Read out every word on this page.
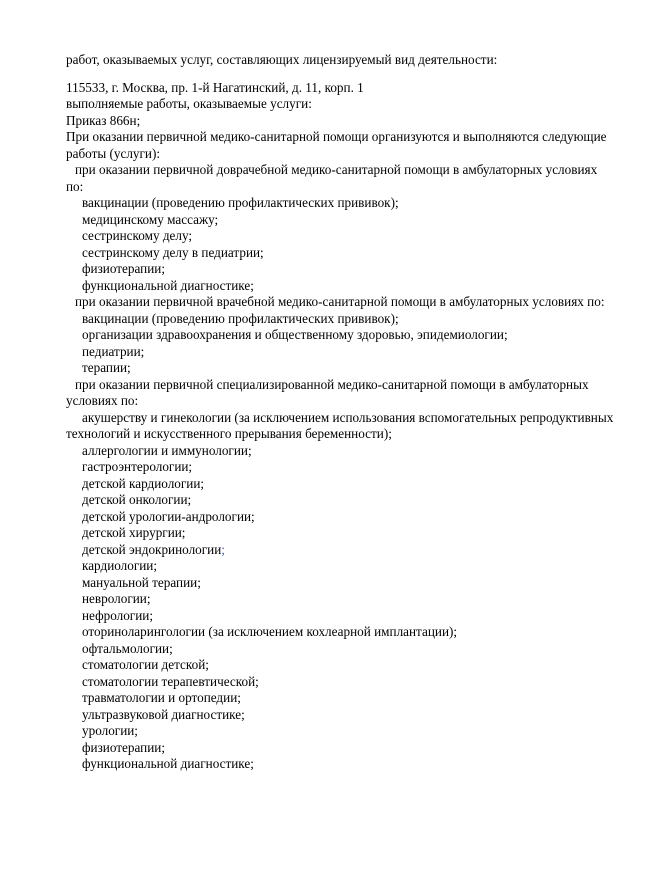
работ, оказываемых услуг, составляющих лицензируемый вид деятельности:

115533, г. Москва, пр. 1-й Нагатинский, д. 11, корп. 1

выполняемые работы, оказываемые услуги:

Приказ 866н;

При оказании первичной медико-санитарной помощи организуются и выполняются следующие

работы (услуги):

при оказании первичной доврачебной медико-санитарной помощи в амбулаторных условиях

по:

вакцинации (проведению профилактических прививок);

медицинскому массажу;

сестринскому делу;

сестринскому делу в педиатрии;

физиотерапии;

функциональной диагностике;

при оказании первичной врачебной медико-санитарной помощи в амбулаторных условиях по:

вакцинации (проведению профилактических прививок);

организации здравоохранения и общественному здоровью, эпидемиологии;

педиатрии;

терапии;

при оказании первичной специализированной медико-санитарной помощи в амбулаторных

условиях по:

акушерству и гинекологии (за исключением использования вспомогательных репродуктивных

технологий и искусственного прерывания беременности);

аллергологии и иммунологии;

гастроэнтерологии;

детской кардиологии;

детской онкологии;

детской урологии-андрологии;

детской хирургии;

детской эндокринологии;

кардиологии;

мануальной терапии;

неврологии;

нефрологии;

оториноларингологии (за исключением кохлеарной имплантации);

офтальмологии;

стоматологии детской;

стоматологии терапевтической;

травматологии и ортопедии;

ультразвуковой диагностике;

урологии;

физиотерапии;

функциональной диагностике;
